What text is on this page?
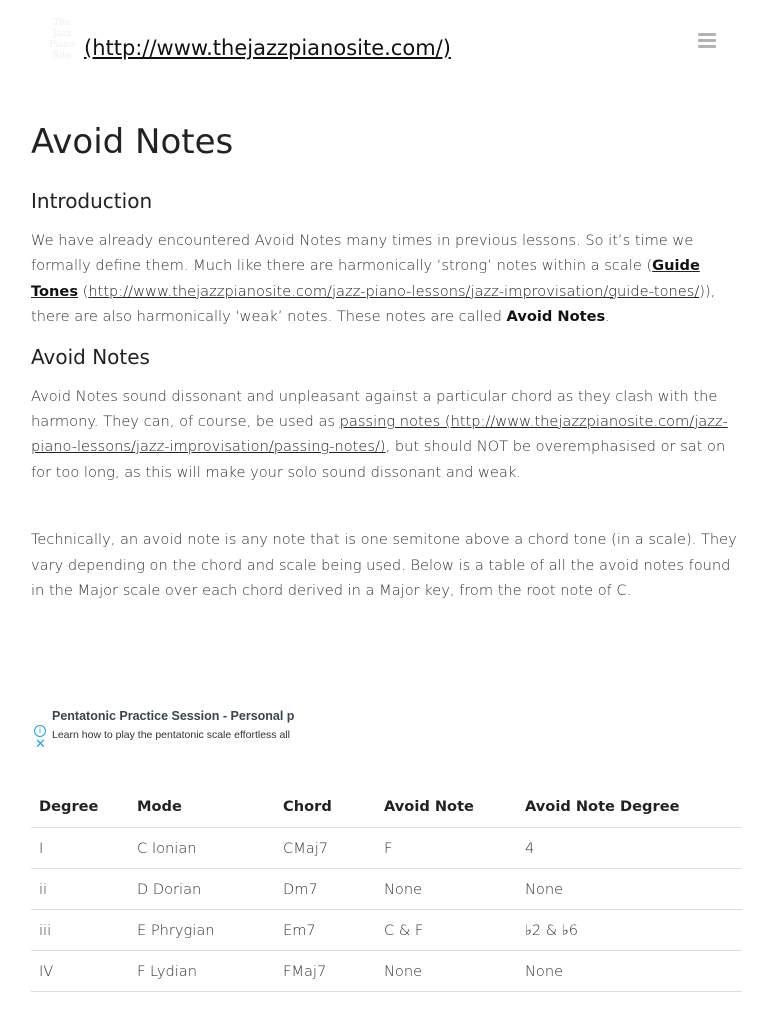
The
Jazz
Piano
Site (http://www.thejazzpianosite.com/)
Avoid Notes
Introduction

We have already encountered Avoid Notes many times in previous lessons. So it’s time we formally define them. Much like there are harmonically ‘strong’ notes within a scale (Guide Tones (http://www.thejazzpianosite.com/jazz-piano-lessons/jazz-improvisation/guide-tones/)), there are also harmonically ‘weak’ notes. These notes are called Avoid Notes.

Avoid Notes

Avoid Notes sound dissonant and unpleasant against a particular chord as they clash with the harmony. They can, of course, be used as passing notes (http://www.thejazzpianosite.com/jazz-piano-lessons/jazz-improvisation/passing-notes/), but should NOT be overemphasised or sat on for too long, as this will make your solo sound dissonant and weak.

Technically, an avoid note is any note that is one semitone above a chord tone (in a scale). They vary depending on the chord and scale being used. Below is a table of all the avoid notes found in the Major scale over each chord derived in a Major key, from the root note of C.

Pentatonic Practice Session - Personal p
Learn how to play the pentatonic scale effortless all
i
✕
Degree	Mode	Chord	Avoid Note	Avoid Note Degree
I	C Ionian	CMaj7	F	4
ii	D Dorian	Dm7	None	None
iii	E Phrygian	Em7	C & F	♭2 & ♭6
IV	F Lydian	FMaj7	None	None
